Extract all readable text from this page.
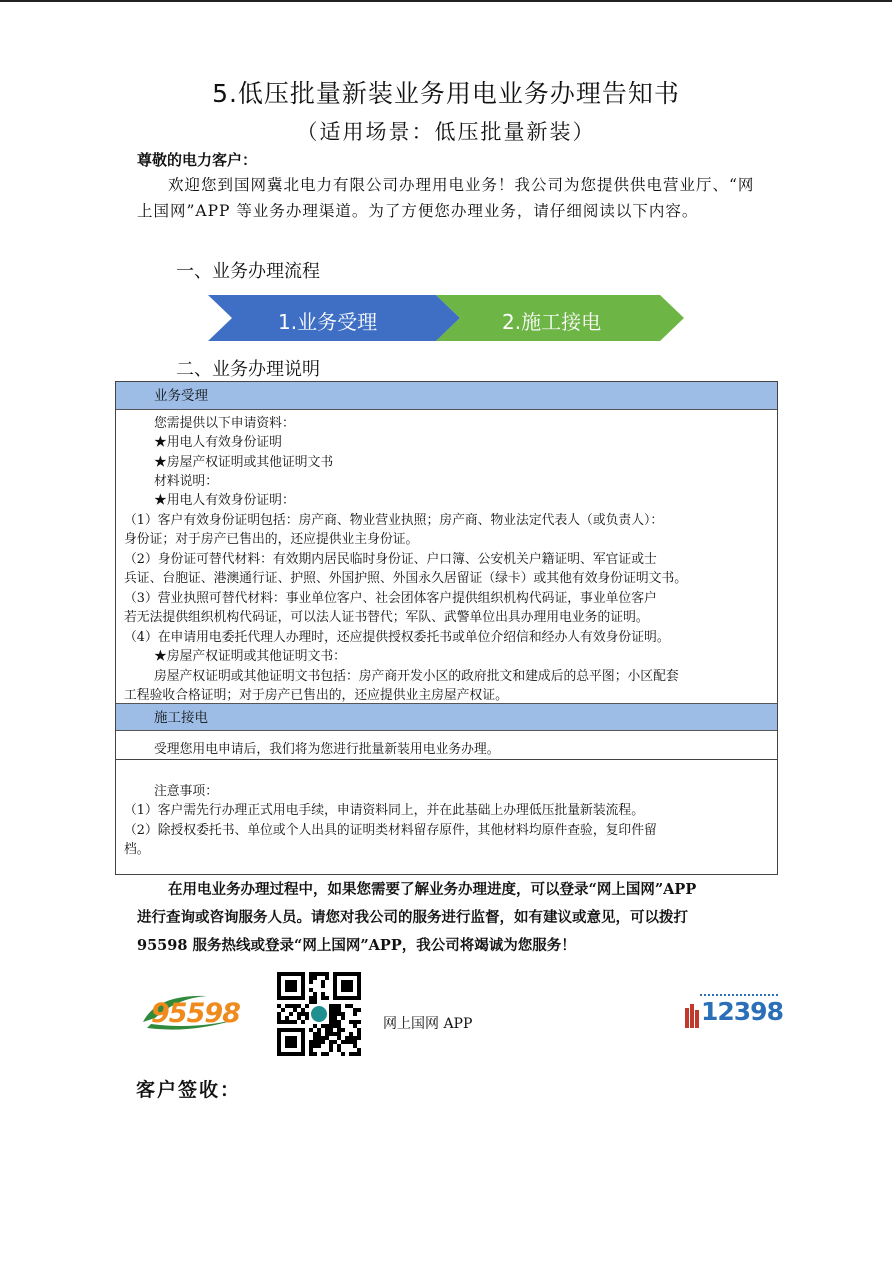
5.低压批量新装业务用电业务办理告知书
（适用场景：低压批量新装）
尊敬的电力客户：
欢迎您到国网冀北电力有限公司办理用电业务！我公司为您提供供电营业厅、“网上国网”APP 等业务办理渠道。为了方便您办理业务，请仔细阅读以下内容。
一、业务办理流程
1.业务受理	2.施工接电
二、业务办理说明
业务受理
您需提供以下申请资料：
★用电人有效身份证明
★房屋产权证明或其他证明文书
材料说明：
★用电人有效身份证明：
（1）客户有效身份证明包括：房产商、物业营业执照；房产商、物业法定代表人（或负责人）：
身份证；对于房产已售出的，还应提供业主身份证。
（2）身份证可替代材料：有效期内居民临时身份证、户口簿、公安机关户籍证明、军官证或士
兵证、台胞证、港澳通行证、护照、外国护照、外国永久居留证（绿卡）或其他有效身份证明文书。
（3）营业执照可替代材料：事业单位客户、社会团体客户提供组织机构代码证，事业单位客户
若无法提供组织机构代码证，可以法人证书替代；军队、武警单位出具办理用电业务的证明。
（4）在申请用电委托代理人办理时，还应提供授权委托书或单位介绍信和经办人有效身份证明。
★房屋产权证明或其他证明文书：
房屋产权证明或其他证明文书包括：房产商开发小区的政府批文和建成后的总平图；小区配套
工程验收合格证明；对于房产已售出的，还应提供业主房屋产权证。
施工接电
受理您用电申请后，我们将为您进行批量新装用电业务办理。
注意事项：
（1）客户需先行办理正式用电手续，申请资料同上，并在此基础上办理低压批量新装流程。
（2）除授权委托书、单位或个人出具的证明类材料留存原件，其他材料均原件查验，复印件留
档。
在用电业务办理过程中，如果您需要了解业务办理进度，可以登录“网上国网”APP
进行查询或咨询服务人员。请您对我公司的服务进行监督，如有建议或意见，可以拨打
95598 服务热线或登录“网上国网”APP，我公司将竭诚为您服务！
95598	网上国网 APP	12398
客户签收：
